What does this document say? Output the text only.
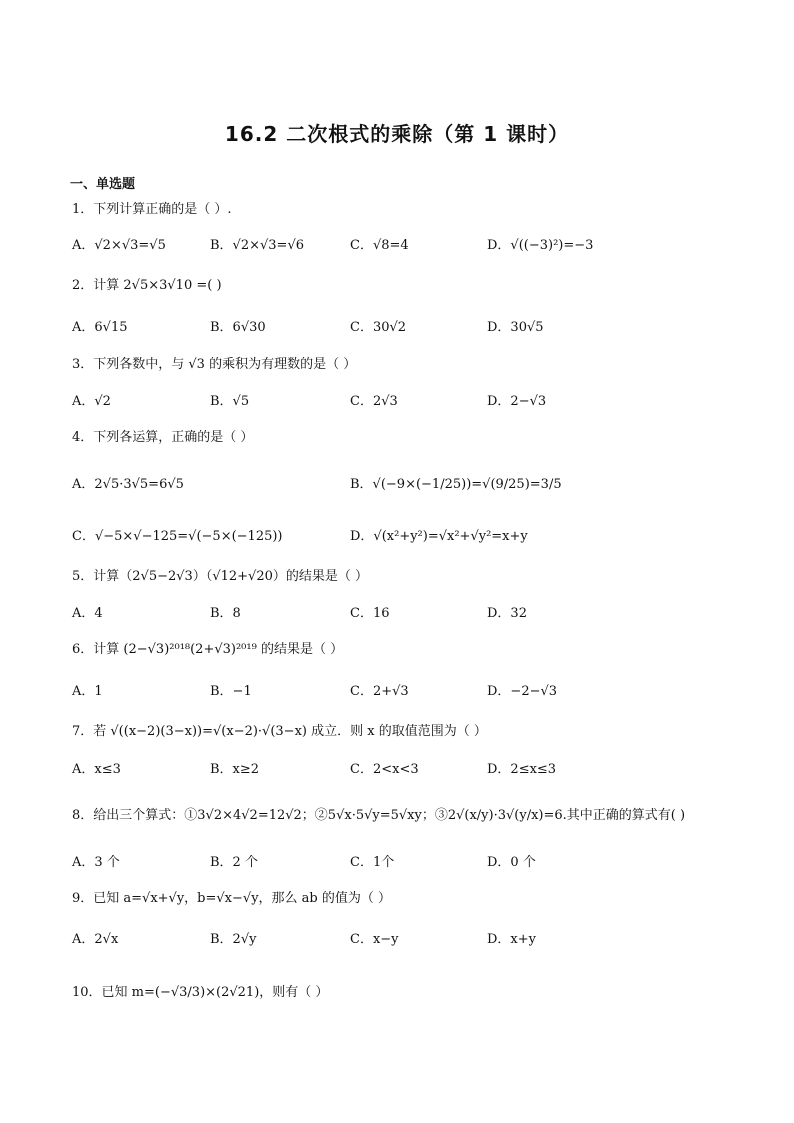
16.2 二次根式的乘除（第 1 课时）
一、单选题
1．下列计算正确的是（ ）.
A．√2×√3=√5	B．√2×√3=√6	C．√8=4	D．√((−3)²)=−3
2．计算 2√5×3√10 =( )
A．6√15	B．6√30	C．30√2	D．30√5
3．下列各数中，与 √3 的乘积为有理数的是（ ）
A．√2	B．√5	C．2√3	D．2−√3
4．下列各运算，正确的是（ ）
A．2√5·3√5=6√5	B．√(−9×(−1/25))=√(9/25)=3/5
C．√−5×√−125=√(−5×(−125))	D．√(x²+y²)=√x²+√y²=x+y
5．计算（2√5−2√3）（√12+√20）的结果是（ ）
A．4	B．8	C．16	D．32
6．计算 (2−√3)²⁰¹⁸(2+√3)²⁰¹⁹ 的结果是（ ）
A．1	B．−1	C．2+√3	D．−2−√3
7．若 √((x−2)(3−x))=√(x−2)·√(3−x) 成立．则 x 的取值范围为（ ）
A．x≤3	B．x≥2	C．2<x<3	D．2≤x≤3
8．给出三个算式：①3√2×4√2=12√2；②5√x·5√y=5√xy；③2√(x/y)·3√(y/x)=6.其中正确的算式有( )
A．3 个	B．2 个	C．1个	D．0 个
9．已知 a=√x+√y，b=√x−√y，那么 ab 的值为（ ）
A．2√x	B．2√y	C．x−y	D．x+y
10．已知 m=(−√3/3)×(2√21)，则有（ ）
